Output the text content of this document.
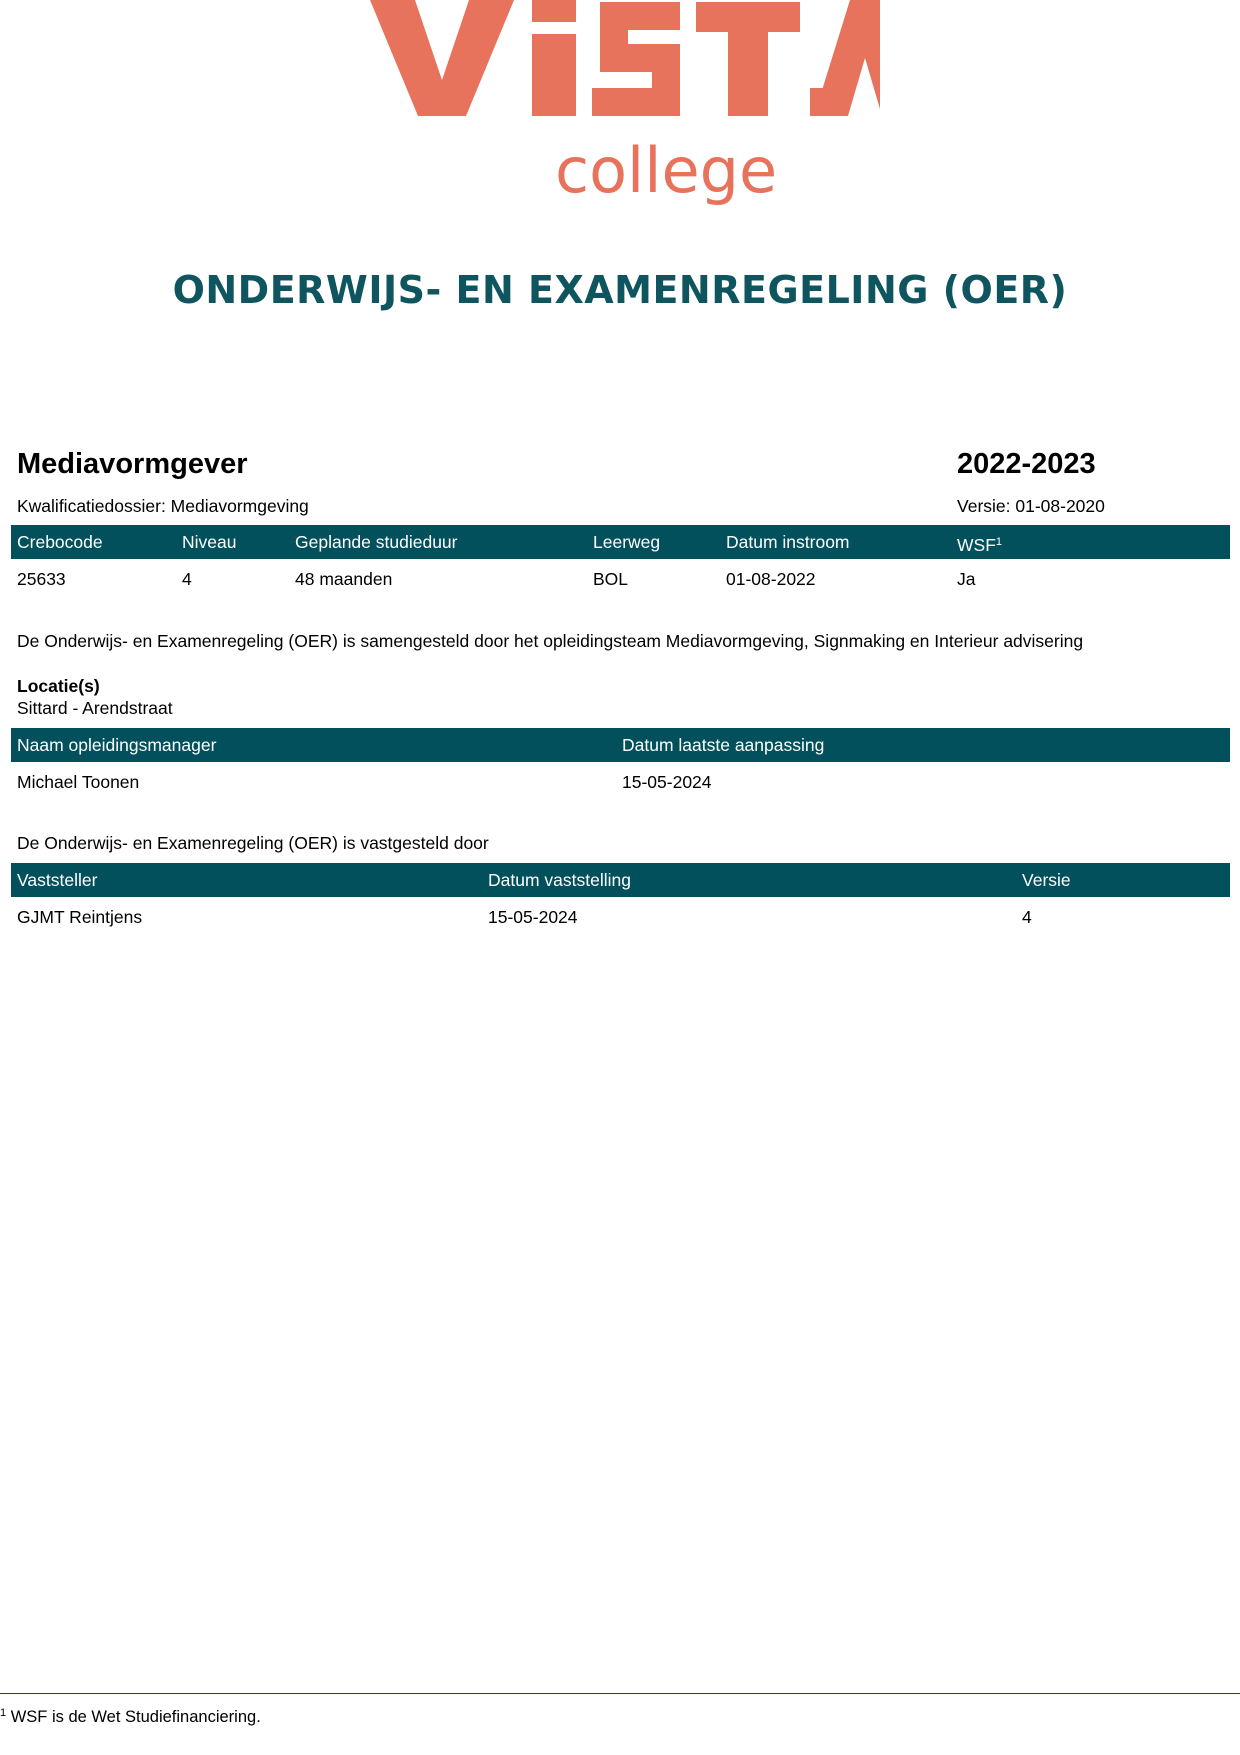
college
ONDERWIJS- EN EXAMENREGELING (OER)
Mediavormgever	2022-2023
Kwalificatiedossier: Mediavormgeving	Versie: 01-08-2020
Crebocode	Niveau	Geplande studieduur	Leerweg	Datum instroom	WSF$^1$
25633	4	48 maanden	BOL	01-08-2022	Ja
De Onderwijs- en Examenregeling (OER) is samengesteld door het opleidingsteam Mediavormgeving, Signmaking en Interieur advisering
Locatie(s)
Sittard - Arendstraat
Naam opleidingsmanager	Datum laatste aanpassing
Michael Toonen	15-05-2024
De Onderwijs- en Examenregeling (OER) is vastgesteld door
Vaststeller	Datum vaststelling	Versie
GJMT Reintjens	15-05-2024	4
$^1$ WSF is de Wet Studiefinanciering.
